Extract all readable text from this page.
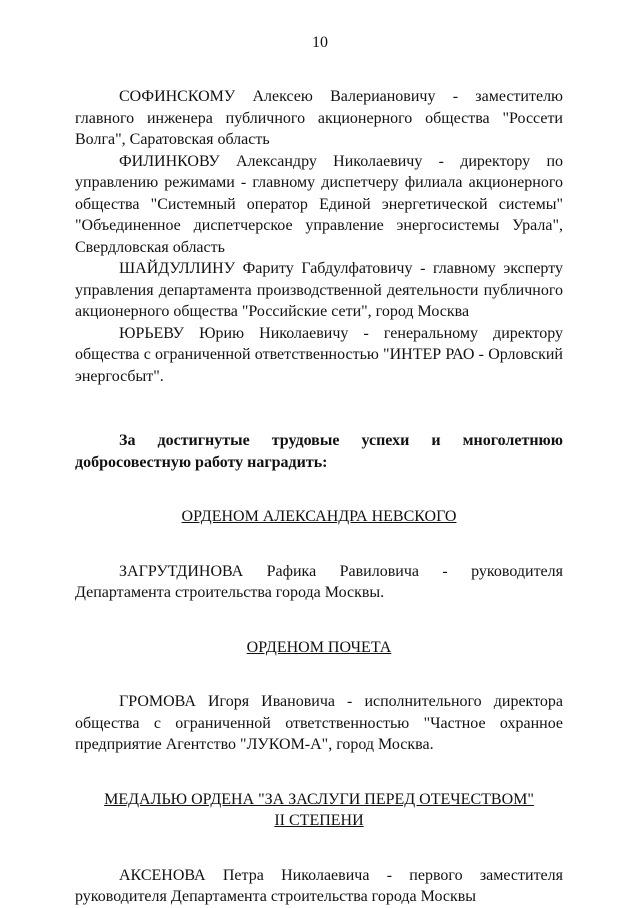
10

СОФИНСКОМУ Алексею Валериановичу - заместителю главного инженера публичного акционерного общества "Россети Волга", Саратовская область

ФИЛИНКОВУ Александру Николаевичу - директору по управлению режимами - главному диспетчеру филиала акционерного общества "Системный оператор Единой энергетической системы" "Объединенное диспетчерское управление энергосистемы Урала", Свердловская область

ШАЙДУЛЛИНУ Фариту Габдулфатовичу - главному эксперту управления департамента производственной деятельности публичного акционерного общества "Российские сети", город Москва

ЮРЬЕВУ Юрию Николаевичу - генеральному директору общества с ограниченной ответственностью "ИНТЕР РАО - Орловский энергосбыт".

За достигнутые трудовые успехи и многолетнюю добросовестную работу наградить:

ОРДЕНОМ АЛЕКСАНДРА НЕВСКОГО

ЗАГРУТДИНОВА Рафика Равиловича - руководителя Департамента строительства города Москвы.

ОРДЕНОМ ПОЧЕТА

ГРОМОВА Игоря Ивановича - исполнительного директора общества с ограниченной ответственностью "Частное охранное предприятие Агентство "ЛУКОМ-А", город Москва.

МЕДАЛЬЮ ОРДЕНА "ЗА ЗАСЛУГИ ПЕРЕД ОТЕЧЕСТВОМ"
II СТЕПЕНИ

АКСЕНОВА Петра Николаевича - первого заместителя руководителя Департамента строительства города Москвы
